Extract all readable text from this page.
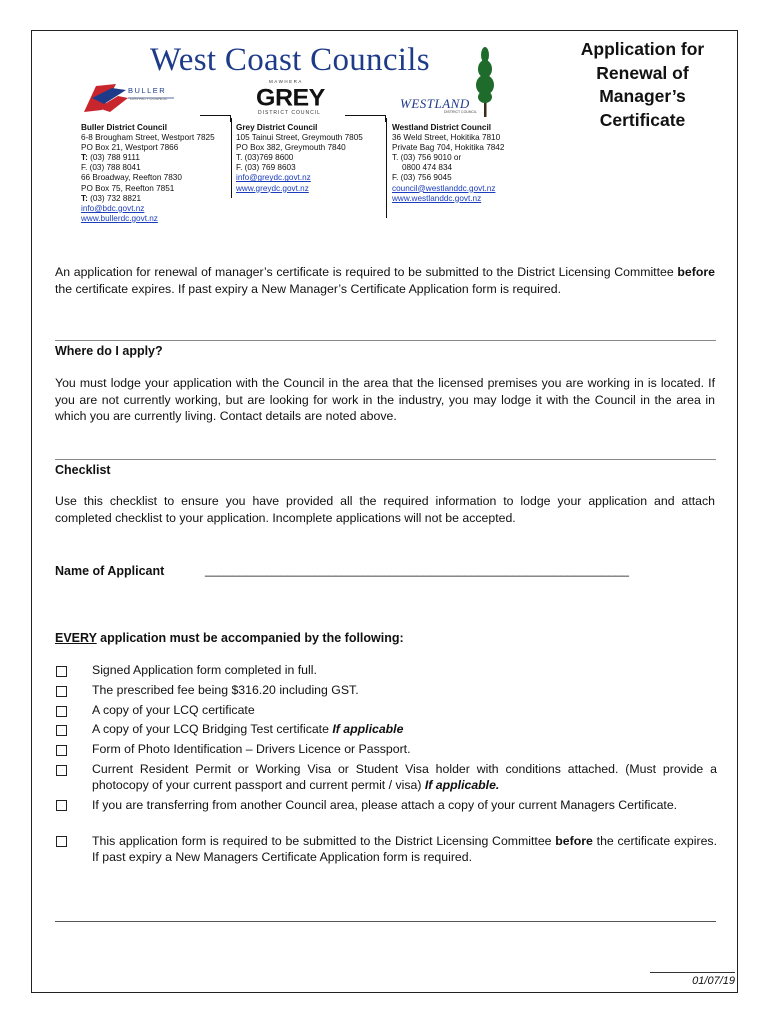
West Coast Councils
BULLER
DISTRICT COUNCIL
MAWHERA
GREY
DISTRICT COUNCIL
WESTLAND
DISTRICT COUNCIL
Buller District Council
6-8 Brougham Street, Westport 7825
PO Box 21, Westport 7866
T: (03) 788 9111
F. (03) 788 8041
66 Broadway, Reefton 7830
PO Box 75, Reefton 7851
T: (03) 732 8821
info@bdc.govt.nz
www.bullerdc.govt.nz
Grey District Council
105 Tainui Street, Greymouth 7805
PO Box 382, Greymouth 7840
T. (03)769 8600
F. (03) 769 8603
info@greydc.govt.nz
www.greydc.govt.nz
Westland District Council
36 Weld Street, Hokitika 7810
Private Bag 704, Hokitika 7842
T. (03) 756 9010 or
0800 474 834
F. (03) 756 9045
council@westlanddc.govt.nz
www.westlanddc.govt.nz
Application for
Renewal of
Manager’s
Certificate
An application for renewal of manager’s certificate is required to be submitted to the District Licensing Committee before the certificate expires. If past expiry a New Manager’s Certificate Application form is required.
Where do I apply?
You must lodge your application with the Council in the area that the licensed premises you are working in is located. If you are not currently working, but are looking for work in the industry, you may lodge it with the Council in the area in which you are currently living. Contact details are noted above.
Checklist
Use this checklist to ensure you have provided all the required information to lodge your application and attach completed checklist to your application. Incomplete applications will not be accepted.
Name of Applicant	______________________________________________________________
EVERY application must be accompanied by the following:
Signed Application form completed in full.
The prescribed fee being $316.20 including GST.
A copy of your LCQ certificate
A copy of your LCQ Bridging Test certificate If applicable
Form of Photo Identification – Drivers Licence or Passport.
Current Resident Permit or Working Visa or Student Visa holder with conditions attached. (Must provide a photocopy of your current passport and current permit / visa) If applicable.
If you are transferring from another Council area, please attach a copy of your current Managers Certificate.
This application form is required to be submitted to the District Licensing Committee before the certificate expires. If past expiry a New Managers Certificate Application form is required.
01/07/19
